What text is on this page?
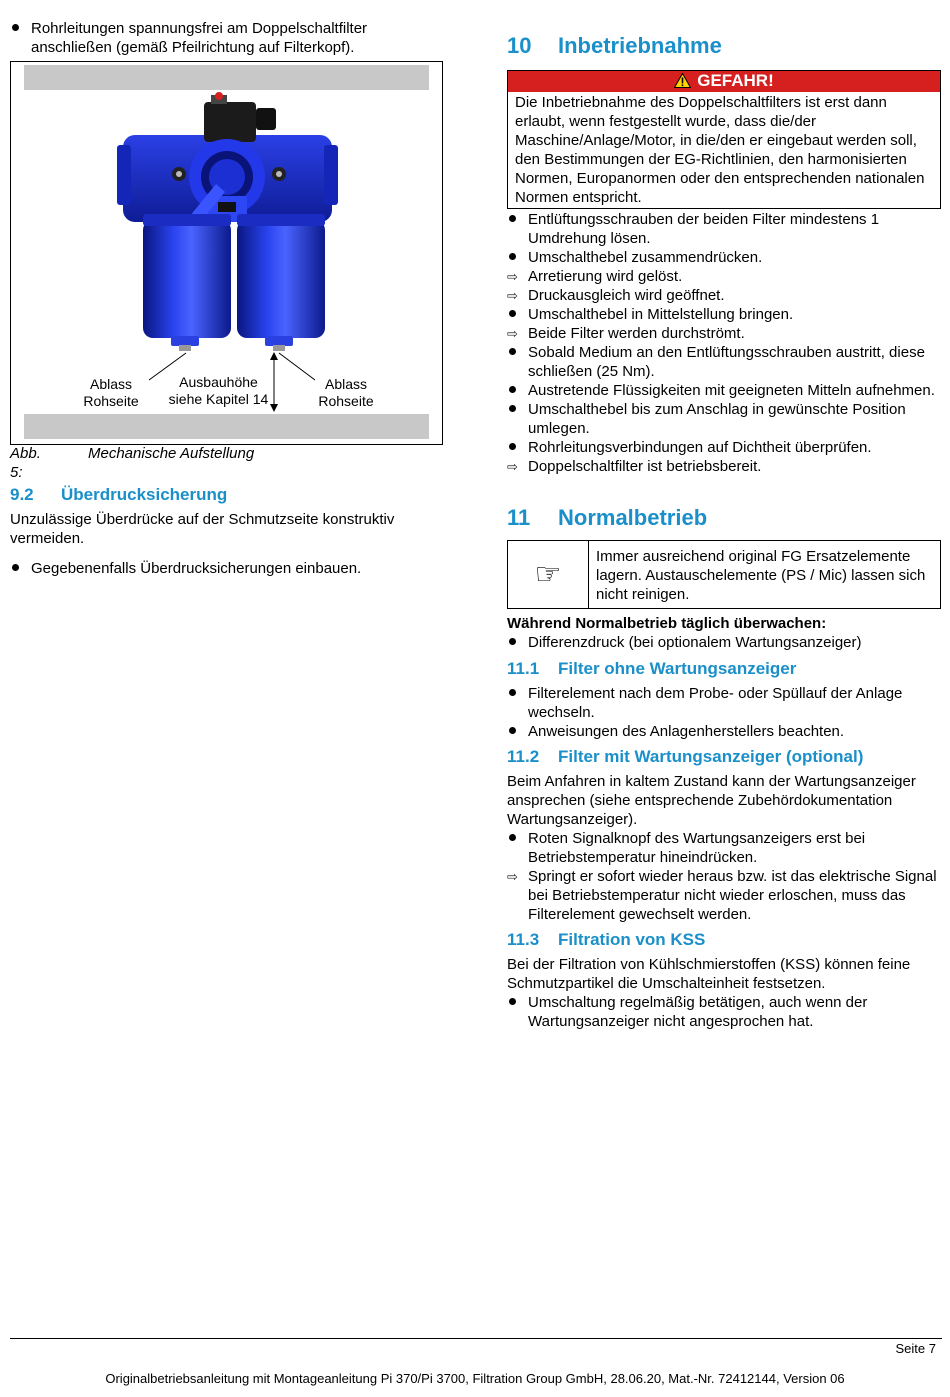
Rohrleitungen spannungsfrei am Doppelschaltfilter anschließen (gemäß Pfeilrichtung auf Filterkopf).
Ablass
Rohseite
Ausbauhöhe
siehe Kapitel 14
Ablass
Rohseite
Abb. 5:
Mechanische Aufstellung
9.2 Überdrucksicherung
Unzulässige Überdrücke auf der Schmutzseite konstruktiv vermeiden.
Gegebenenfalls Überdrucksicherungen einbauen.
10 Inbetriebnahme
GEFAHR!
Die Inbetriebnahme des Doppelschaltfilters ist erst dann erlaubt, wenn festgestellt wurde, dass die/der Maschine/Anlage/Motor, in die/den er eingebaut werden soll, den Bestimmungen der EG-Richtlinien, den harmonisierten Normen, Europanormen oder den entsprechenden nationalen Normen entspricht.
Entlüftungsschrauben der beiden Filter mindestens 1 Umdrehung lösen.
Umschalthebel zusammendrücken.
⇨ Arretierung wird gelöst.
⇨ Druckausgleich wird geöffnet.
Umschalthebel in Mittelstellung bringen.
⇨ Beide Filter werden durchströmt.
Sobald Medium an den Entlüftungsschrauben austritt, diese schließen (25 Nm).
Austretende Flüssigkeiten mit geeigneten Mitteln aufnehmen.
Umschalthebel bis zum Anschlag in gewünschte Position umlegen.
Rohrleitungsverbindungen auf Dichtheit überprüfen.
⇨ Doppelschaltfilter ist betriebsbereit.
11 Normalbetrieb
☞
Immer ausreichend original FG Ersatzelemente lagern. Austauschelemente (PS / Mic) lassen sich nicht reinigen.
Während Normalbetrieb täglich überwachen:
Differenzdruck (bei optionalem Wartungsanzeiger)
11.1 Filter ohne Wartungsanzeiger
Filterelement nach dem Probe- oder Spüllauf der Anlage wechseln.
Anweisungen des Anlagenherstellers beachten.
11.2 Filter mit Wartungsanzeiger (optional)
Beim Anfahren in kaltem Zustand kann der Wartungsanzeiger ansprechen (siehe entsprechende Zubehördokumentation Wartungsanzeiger).
Roten Signalknopf des Wartungsanzeigers erst bei Betriebstemperatur hineindrücken.
⇨ Springt er sofort wieder heraus bzw. ist das elektrische Signal bei Betriebstemperatur nicht wieder erloschen, muss das Filterelement gewechselt werden.
11.3 Filtration von KSS
Bei der Filtration von Kühlschmierstoffen (KSS) können feine Schmutzpartikel die Umschalteinheit festsetzen.
Umschaltung regelmäßig betätigen, auch wenn der Wartungsanzeiger nicht angesprochen hat.
Seite 7
Originalbetriebsanleitung mit Montageanleitung Pi 370/Pi 3700, Filtration Group GmbH, 28.06.20, Mat.-Nr. 72412144, Version 06
